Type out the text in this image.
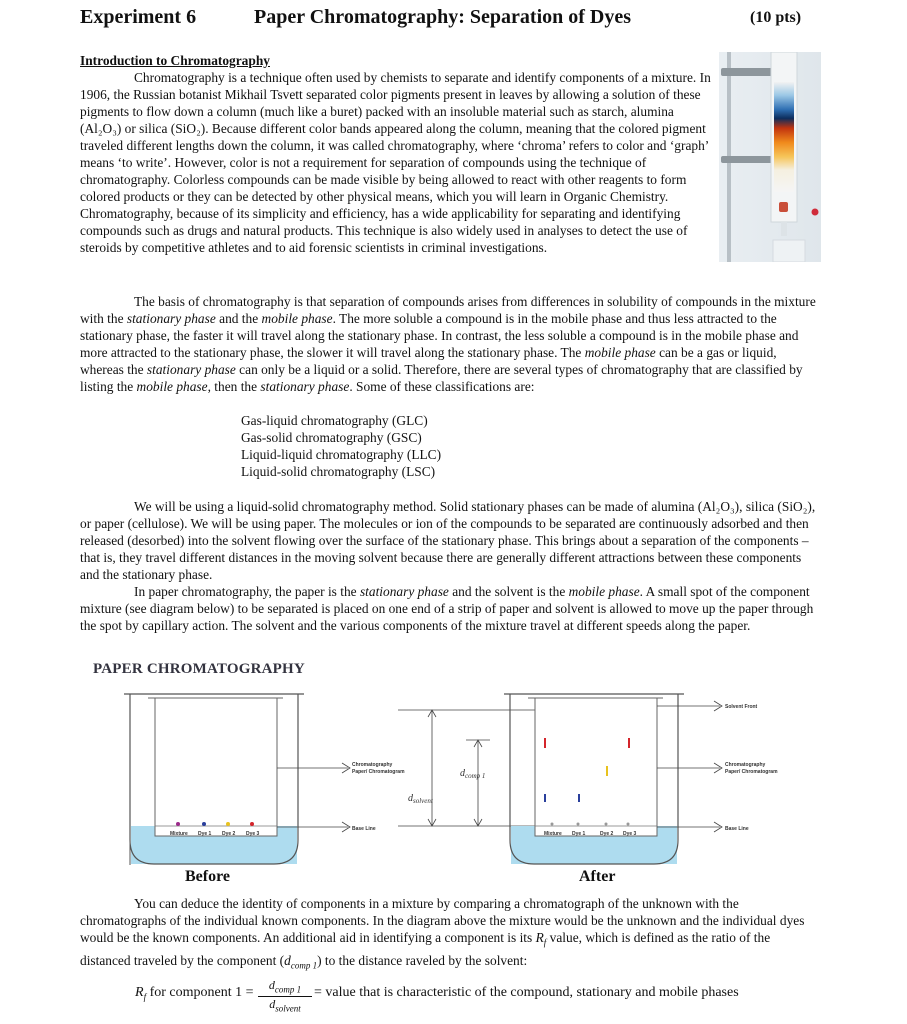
Experiment 6	Paper Chromatography: Separation of Dyes	(10 pts)
Introduction to Chromatography

Chromatography is a technique often used by chemists to separate and identify components of a mixture. In 1906, the Russian botanist Mikhail Tsvett separated color pigments present in leaves by allowing a solution of these pigments to flow down a column (much like a buret) packed with an insoluble material such as starch, alumina (Al₂O₃) or silica (SiO₂). Because different color bands appeared along the column, meaning that the colored pigment traveled different lengths down the column, it was called chromatography, where ‘chroma’ refers to color and ‘graph’ means ‘to write’. However, color is not a requirement for separation of compounds using the technique of chromatography. Colorless compounds can be made visible by being allowed to react with other reagents to form colored products or they can be detected by other physical means, which you will learn in Organic Chemistry. Chromatography, because of its simplicity and efficiency, has a wide applicability for separating and identifying compounds such as drugs and natural products. This technique is also widely used in analyses to detect the use of steroids by competitive athletes and to aid forensic scientists in criminal investigations.

The basis of chromatography is that separation of compounds arises from differences in solubility of compounds in the mixture with the stationary phase and the mobile phase. The more soluble a compound is in the mobile phase and thus less attracted to the stationary phase, the faster it will travel along the stationary phase. In contrast, the less soluble a compound is in the mobile phase and more attracted to the stationary phase, the slower it will travel along the stationary phase. The mobile phase can be a gas or liquid, whereas the stationary phase can only be a liquid or a solid. Therefore, there are several types of chromatography that are classified by listing the mobile phase, then the stationary phase. Some of these classifications are:

Gas-liquid chromatography (GLC)

Gas-solid chromatography (GSC)

Liquid-liquid chromatography (LLC)

Liquid-solid chromatography (LSC)

We will be using a liquid-solid chromatography method. Solid stationary phases can be made of alumina (Al₂O₃), silica (SiO₂), or paper (cellulose). We will be using paper. The molecules or ion of the compounds to be separated are continuously adsorbed and then released (desorbed) into the solvent flowing over the surface of the stationary phase. This brings about a separation of the components – that is, they travel different distances in the moving solvent because there are generally different attractions between these components and the stationary phase.

In paper chromatography, the paper is the stationary phase and the solvent is the mobile phase. A small spot of the component mixture (see diagram below) to be separated is placed on one end of a strip of paper and solvent is allowed to move up the paper through the spot by capillary action. The solvent and the various components of the mixture travel at different speeds along the paper.

PAPER CHROMATOGRAPHY
Mixture Dye 1 Dye 2 Dye 3
Chromatography
Paper/ Chromatogram
Base Line
$d_{solvent}$
$d_{comp 1}$
Mixture Dye 1	Dye 2 Dye 3
Solvent Front
Chromatography
Paper/ Chromatogram
Base Line
Before	After

You can deduce the identity of components in a mixture by comparing a chromatograph of the unknown with the chromatographs of the individual known components. In the diagram above the mixture would be the unknown and the individual dyes would be the known components. An additional aid in identifying a component is its $R_f$ value, which is defined as the ratio of the distanced traveled by the component $(d_{comp 1})$ to the distance raveled by the solvent:

$R_f$ for component 1 =	$d_{comp 1}$
$d_{solvent}$
= value that is characteristic of the compound, stationary and mobile phases
